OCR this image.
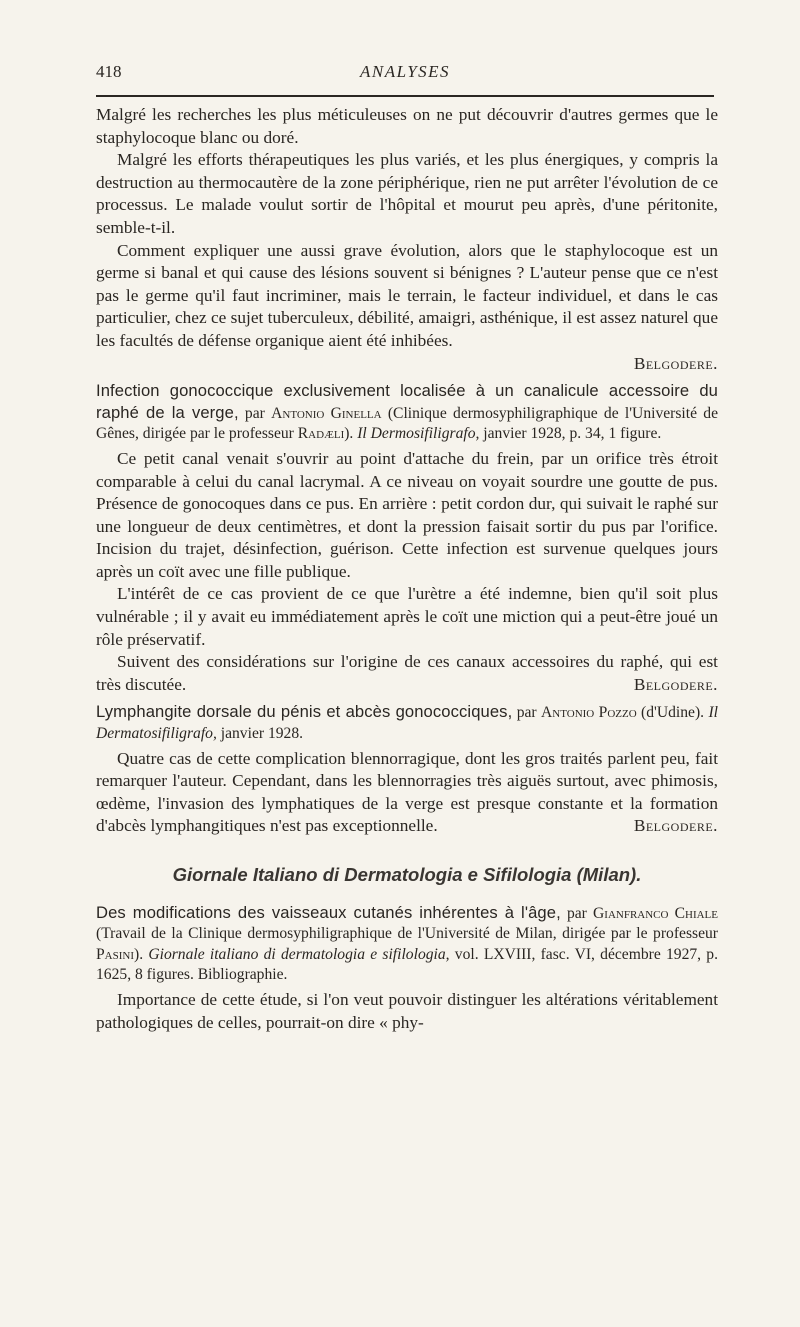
418	ANALYSES

Malgré les recherches les plus méticuleuses on ne put découvrir d'autres germes que le staphylocoque blanc ou doré.

Malgré les efforts thérapeutiques les plus variés, et les plus énergiques, y compris la destruction au thermocautère de la zone périphérique, rien ne put arrêter l'évolution de ce processus. Le malade voulut sortir de l'hôpital et mourut peu après, d'une péritonite, semble-t-il.

Comment expliquer une aussi grave évolution, alors que le staphylocoque est un germe si banal et qui cause des lésions souvent si bénignes ? L'auteur pense que ce n'est pas le germe qu'il faut incriminer, mais le terrain, le facteur individuel, et dans le cas particulier, chez ce sujet tuberculeux, débilité, amaigri, asthénique, il est assez naturel que les facultés de défense organique aient été inhibées.

Belgodere.

Infection gonococcique exclusivement localisée à un canalicule accessoire du raphé de la verge, par Antonio Ginella (Clinique dermosyphiligraphique de l'Université de Gênes, dirigée par le professeur Radæli). Il Dermosifiligrafo, janvier 1928, p. 34, 1 figure.

Ce petit canal venait s'ouvrir au point d'attache du frein, par un orifice très étroit comparable à celui du canal lacrymal. A ce niveau on voyait sourdre une goutte de pus. Présence de gonocoques dans ce pus. En arrière : petit cordon dur, qui suivait le raphé sur une longueur de deux centimètres, et dont la pression faisait sortir du pus par l'orifice. Incision du trajet, désinfection, guérison. Cette infection est survenue quelques jours après un coït avec une fille publique.

L'intérêt de ce cas provient de ce que l'urètre a été indemne, bien qu'il soit plus vulnérable ; il y avait eu immédiatement après le coït une miction qui a peut-être joué un rôle préservatif.

Suivent des considérations sur l'origine de ces canaux accessoires du raphé, qui est très discutée.	Belgodere.

Lymphangite dorsale du pénis et abcès gonococciques, par Antonio Pozzo (d'Udine). Il Dermatosifiligrafo, janvier 1928.

Quatre cas de cette complication blennorragique, dont les gros traités parlent peu, fait remarquer l'auteur. Cependant, dans les blennorragies très aiguës surtout, avec phimosis, œdème, l'invasion des lymphatiques de la verge est presque constante et la formation d'abcès lymphangitiques n'est pas exceptionnelle.	Belgodere.

Giornale Italiano di Dermatologia e Sifilologia (Milan).

Des modifications des vaisseaux cutanés inhérentes à l'âge, par Gianfranco Chiale (Travail de la Clinique dermosyphiligraphique de l'Université de Milan, dirigée par le professeur Pasini). Giornale italiano di dermatologia e sifilologia, vol. LXVIII, fasc. VI, décembre 1927, p. 1625, 8 figures. Bibliographie.

Importance de cette étude, si l'on veut pouvoir distinguer les altérations véritablement pathologiques de celles, pourrait-on dire « phy-
